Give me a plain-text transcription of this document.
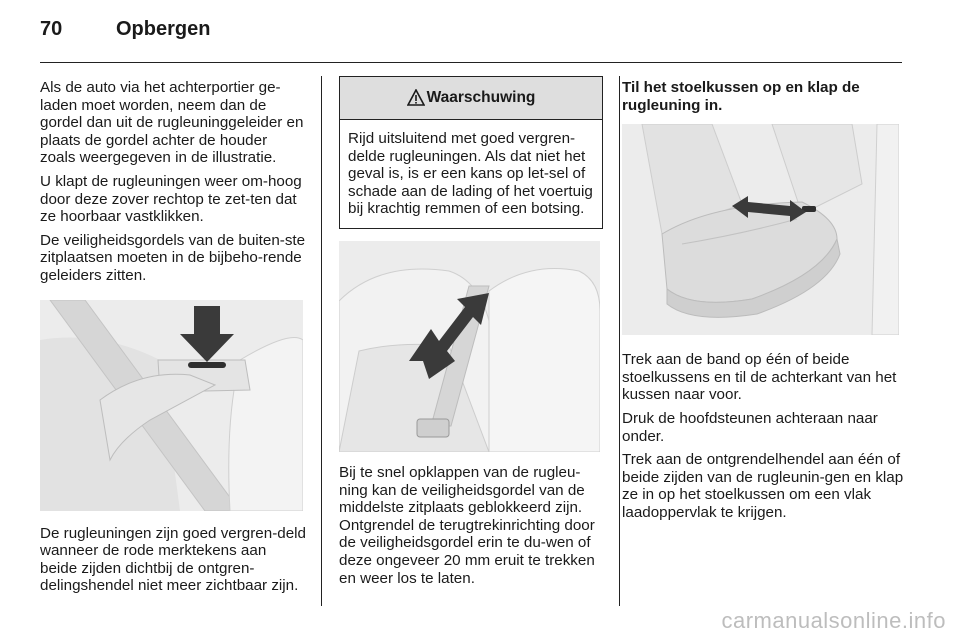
70	Opbergen

Als de auto via het achterportier ge-laden moet worden, neem dan de gordel dan uit de rugleuninggeleider en plaats de gordel achter de houder zoals weergegeven in de illustratie.

U klapt de rugleuningen weer om-hoog door deze zover rechtop te zet-ten dat ze hoorbaar vastklikken.

De veiligheidsgordels van de buiten-ste zitplaatsen moeten in de bijbeho-rende geleiders zitten.

De rugleuningen zijn goed vergren-deld wanneer de rode merktekens aan beide zijden dichtbij de ontgren-delingshendel niet meer zichtbaar zijn.

Waarschuwing
Rijd uitsluitend met goed vergren-delde rugleuningen. Als dat niet het geval is, is er een kans op let-sel of schade aan de lading of het voertuig bij krachtig remmen of een botsing.

Bij te snel opklappen van de rugleu-ning kan de veiligheidsgordel van de middelste zitplaats geblokkeerd zijn. Ontgrendel de terugtrekinrichting door de veiligheidsgordel erin te du-wen of deze ongeveer 20 mm eruit te trekken en weer los te laten.

Til het stoelkussen op en klap de rugleuning in.

Trek aan de band op één of beide stoelkussens en til de achterkant van het kussen naar voor.

Druk de hoofdsteunen achteraan naar onder.

Trek aan de ontgrendelhendel aan één of beide zijden van de rugleunin-gen en klap ze in op het stoelkussen om een vlak laadoppervlak te krijgen.

carmanualsonline.info
